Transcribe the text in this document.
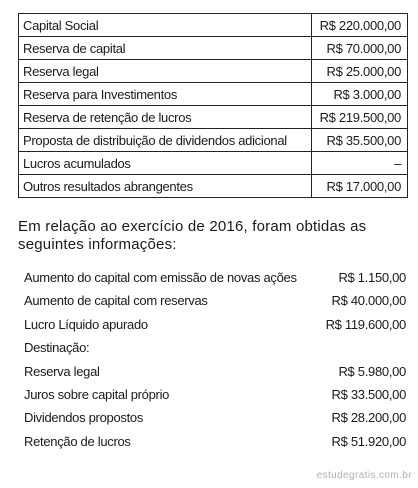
Capital Social	R$ 220.000,00
Reserva de capital	R$ 70.000,00
Reserva legal	R$ 25.000,00
Reserva para Investimentos	R$ 3.000,00
Reserva de retenção de lucros	R$ 219.500,00
Proposta de distribuição de dividendos adicional	R$ 35.500,00
Lucros acumulados	–
Outros resultados abrangentes	R$ 17.000,00

Em relação ao exercício de 2016, foram obtidas as seguintes informações:

Aumento do capital com emissão de novas ações	R$ 1.150,00
Aumento de capital com reservas	R$ 40.000,00
Lucro Líquido apurado	R$ 119.600,00
Destinação:
Reserva legal	R$ 5.980,00
Juros sobre capital próprio	R$ 33.500,00
Dividendos propostos	R$ 28.200,00
Retenção de lucros	R$ 51.920,00
estudegratis.com.br
